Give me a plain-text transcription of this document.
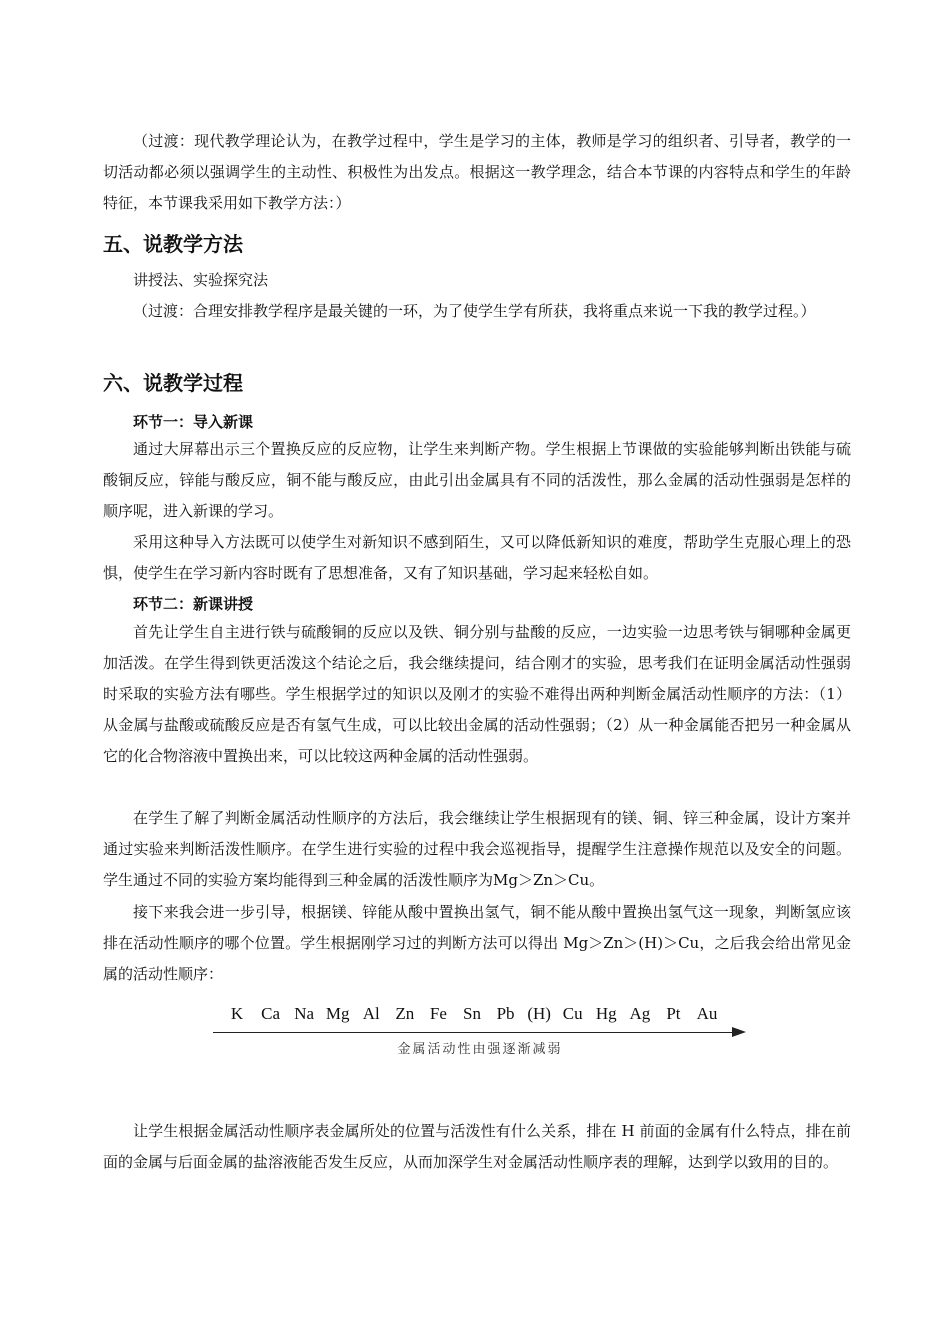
（过渡：现代教学理论认为，在教学过程中，学生是学习的主体，教师是学习的组织者、引导者，教学的一切活动都必须以强调学生的主动性、积极性为出发点。根据这一教学理念，结合本节课的内容特点和学生的年龄特征，本节课我采用如下教学方法：）

五、说教学方法

讲授法、实验探究法

（过渡：合理安排教学程序是最关键的一环，为了使学生学有所获，我将重点来说一下我的教学过程。）

六、说教学过程
环节一：导入新课

通过大屏幕出示三个置换反应的反应物，让学生来判断产物。学生根据上节课做的实验能够判断出铁能与硫酸铜反应，锌能与酸反应，铜不能与酸反应，由此引出金属具有不同的活泼性，那么金属的活动性强弱是怎样的顺序呢，进入新课的学习。

采用这种导入方法既可以使学生对新知识不感到陌生，又可以降低新知识的难度，帮助学生克服心理上的恐惧，使学生在学习新内容时既有了思想准备，又有了知识基础，学习起来轻松自如。

环节二：新课讲授

首先让学生自主进行铁与硫酸铜的反应以及铁、铜分别与盐酸的反应，一边实验一边思考铁与铜哪种金属更加活泼。在学生得到铁更活泼这个结论之后，我会继续提问，结合刚才的实验，思考我们在证明金属活动性强弱时采取的实验方法有哪些。学生根据学过的知识以及刚才的实验不难得出两种判断金属活动性顺序的方法：（1）从金属与盐酸或硫酸反应是否有氢气生成，可以比较出金属的活动性强弱；（2）从一种金属能否把另一种金属从它的化合物溶液中置换出来，可以比较这两种金属的活动性强弱。

在学生了解了判断金属活动性顺序的方法后，我会继续让学生根据现有的镁、铜、锌三种金属，设计方案并通过实验来判断活泼性顺序。在学生进行实验的过程中我会巡视指导，提醒学生注意操作规范以及安全的问题。学生通过不同的实验方案均能得到三种金属的活泼性顺序为Mg＞Zn＞Cu。

接下来我会进一步引导，根据镁、锌能从酸中置换出氢气，铜不能从酸中置换出氢气这一现象，判断氢应该排在活动性顺序的哪个位置。学生根据刚学习过的判断方法可以得出 Mg＞Zn＞(H)＞Cu，之后我会给出常见金属的活动性顺序：

K Ca Na Mg Al Zn Fe Sn Pb (H) Cu Hg Ag Pt Au
金属活动性由强逐渐减弱

让学生根据金属活动性顺序表金属所处的位置与活泼性有什么关系，排在 H 前面的金属有什么特点，排在前面的金属与后面金属的盐溶液能否发生反应，从而加深学生对金属活动性顺序表的理解，达到学以致用的目的。
